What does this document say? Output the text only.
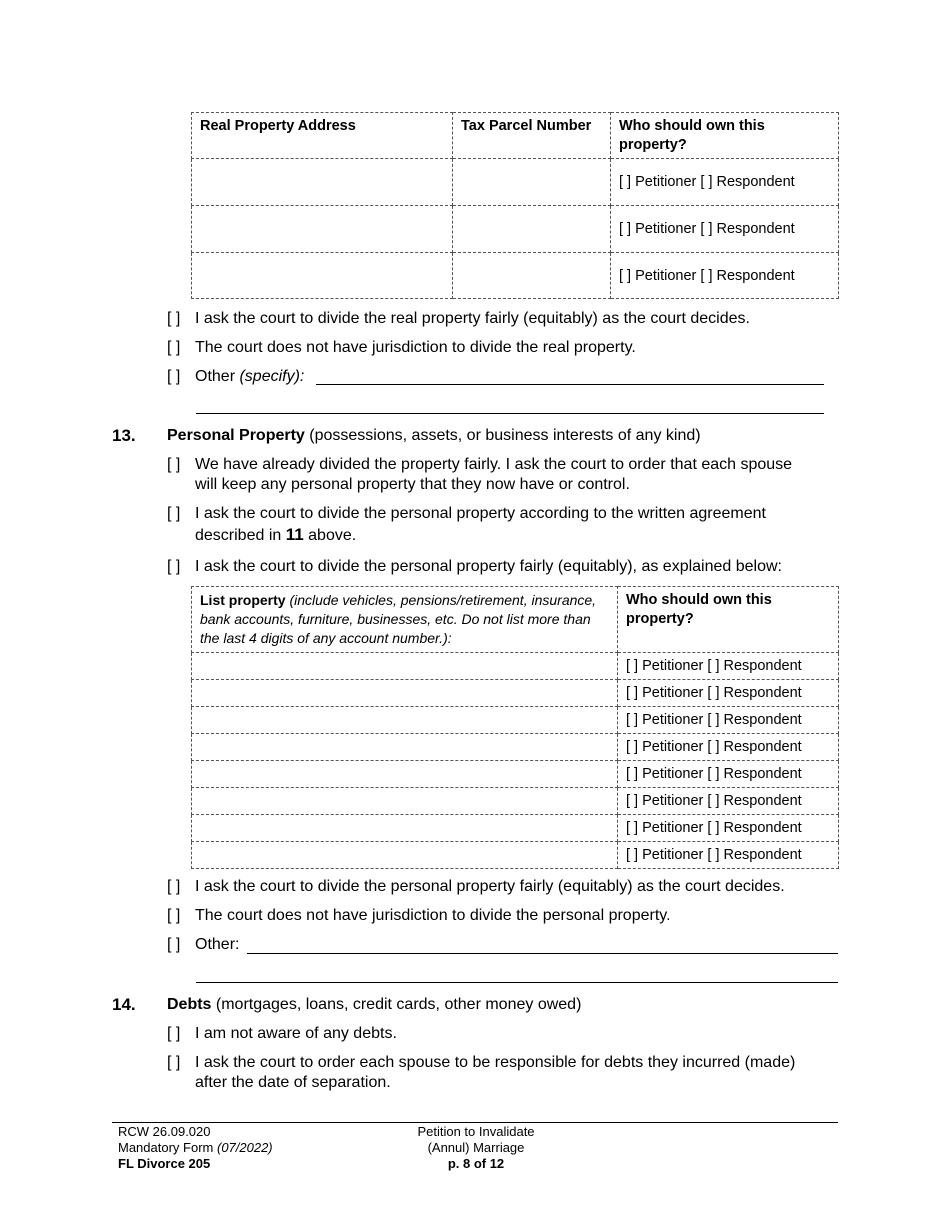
Real Property Address	Tax Parcel Number	Who should own this property?
		[ ] Petitioner [ ] Respondent
		[ ] Petitioner [ ] Respondent
		[ ] Petitioner [ ] Respondent
[ ] I ask the court to divide the real property fairly (equitably) as the court decides.
[ ] The court does not have jurisdiction to divide the real property.
[ ] Other (specify):
13. Personal Property (possessions, assets, or business interests of any kind)
[ ] We have already divided the property fairly. I ask the court to order that each spouse
will keep any personal property that they now have or control.
[ ] I ask the court to divide the personal property according to the written agreement
described in 11 above.
[ ] I ask the court to divide the personal property fairly (equitably), as explained below:
List property (include vehicles, pensions/retirement, insurance, bank accounts, furniture, businesses, etc. Do not list more than the last 4 digits of any account number.):	Who should own this property?
	[ ] Petitioner [ ] Respondent
	[ ] Petitioner [ ] Respondent
	[ ] Petitioner [ ] Respondent
	[ ] Petitioner [ ] Respondent
	[ ] Petitioner [ ] Respondent
	[ ] Petitioner [ ] Respondent
	[ ] Petitioner [ ] Respondent
	[ ] Petitioner [ ] Respondent
[ ] I ask the court to divide the personal property fairly (equitably) as the court decides.
[ ] The court does not have jurisdiction to divide the personal property.
[ ] Other:
14. Debts (mortgages, loans, credit cards, other money owed)
[ ] I am not aware of any debts.
[ ] I ask the court to order each spouse to be responsible for debts they incurred (made)
after the date of separation.
RCW 26.09.020
Mandatory Form (07/2022)
FL Divorce 205
Petition to Invalidate
(Annul) Marriage
p. 8 of 12
